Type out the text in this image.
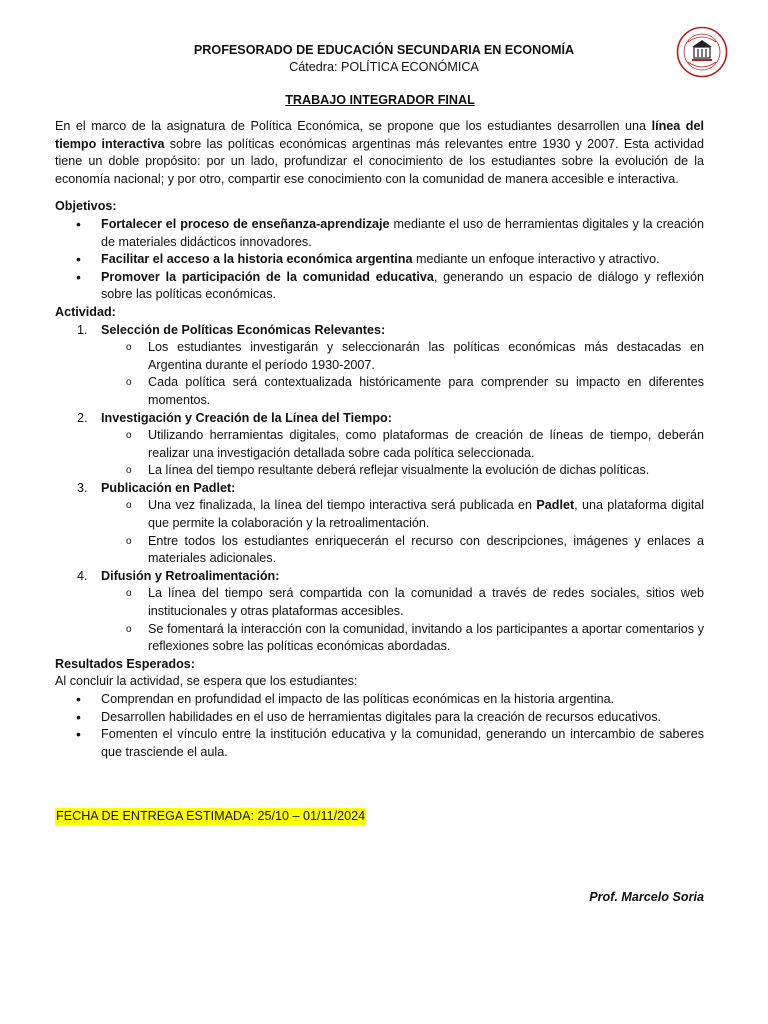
PROFESORADO DE EDUCACIÓN SECUNDARIA EN ECONOMÍA
Cátedra: POLÍTICA ECONÓMICA
TRABAJO INTEGRADOR FINAL

En el marco de la asignatura de Política Económica, se propone que los estudiantes desarrollen una línea del tiempo interactiva sobre las políticas económicas argentinas más relevantes entre 1930 y 2007. Esta actividad tiene un doble propósito: por un lado, profundizar el conocimiento de los estudiantes sobre la evolución de la economía nacional; y por otro, compartir ese conocimiento con la comunidad de manera accesible e interactiva.

Objetivos:
• Fortalecer el proceso de enseñanza-aprendizaje mediante el uso de herramientas digitales y la creación de materiales didácticos innovadores.
• Facilitar el acceso a la historia económica argentina mediante un enfoque interactivo y atractivo.
• Promover la participación de la comunidad educativa, generando un espacio de diálogo y reflexión sobre las políticas económicas.
Actividad:
1. Selección de Políticas Económicas Relevantes:
o Los estudiantes investigarán y seleccionarán las políticas económicas más destacadas en Argentina durante el período 1930-2007.
o Cada política será contextualizada históricamente para comprender su impacto en diferentes momentos.
2. Investigación y Creación de la Línea del Tiempo:
o Utilizando herramientas digitales, como plataformas de creación de líneas de tiempo, deberán realizar una investigación detallada sobre cada política seleccionada.
o La línea del tiempo resultante deberá reflejar visualmente la evolución de dichas políticas.
3. Publicación en Padlet:
o Una vez finalizada, la línea del tiempo interactiva será publicada en Padlet, una plataforma digital que permite la colaboración y la retroalimentación.
o Entre todos los estudiantes enriquecerán el recurso con descripciones, imágenes y enlaces a materiales adicionales.
4. Difusión y Retroalimentación:
o La línea del tiempo será compartida con la comunidad a través de redes sociales, sitios web institucionales y otras plataformas accesibles.
o Se fomentará la interacción con la comunidad, invitando a los participantes a aportar comentarios y reflexiones sobre las políticas económicas abordadas.
Resultados Esperados:

Al concluir la actividad, se espera que los estudiantes:

• Comprendan en profundidad el impacto de las políticas económicas en la historia argentina.
• Desarrollen habilidades en el uso de herramientas digitales para la creación de recursos educativos.
• Fomenten el vínculo entre la institución educativa y la comunidad, generando un intercambio de saberes que trasciende el aula.
FECHA DE ENTREGA ESTIMADA: 25/10 – 01/11/2024
Prof. Marcelo Soria
